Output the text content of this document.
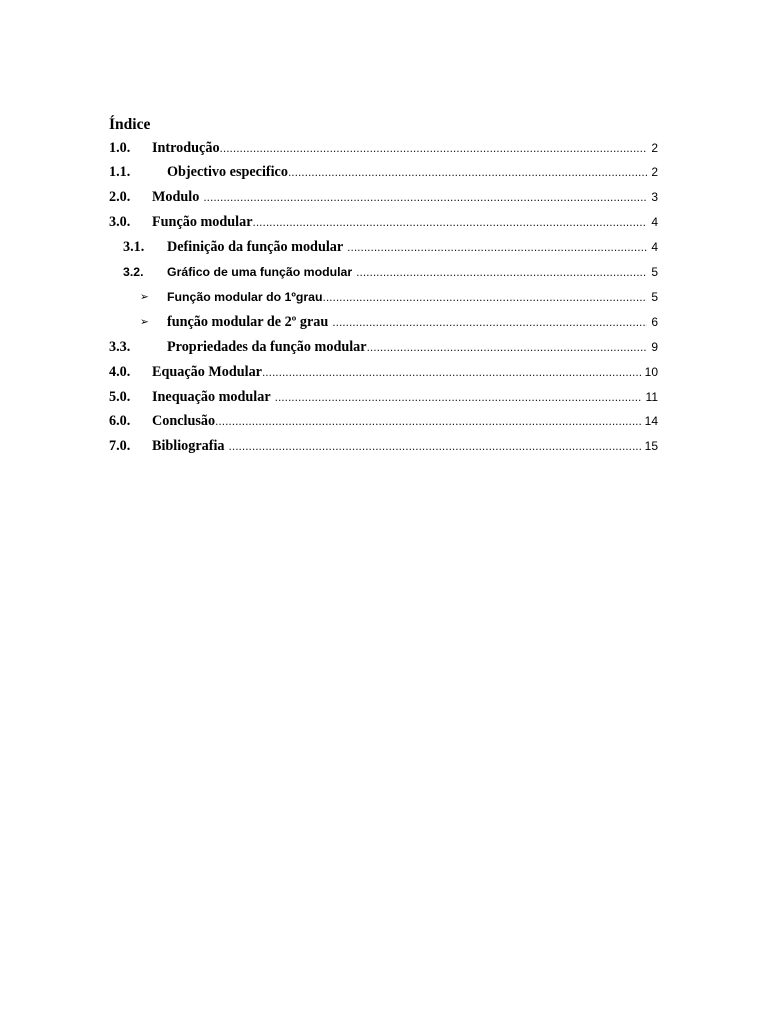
Índice
1.0.	Introdução .....	2
1.1.	Objectivo especifico .....	2
2.0.	Modulo .....	3
3.0.	Função modular .....	4
3.1.	Definição da função modular .....	4
3.2.	Gráfico de uma função modular .....	5
➢	Função modular do 1ºgrau .....	5
➢	função modular de 2º grau .....	6
3.3.	Propriedades da função modular .....	9
4.0.	Equação Modular .....	10
5.0.	Inequação modular .....	11
6.0.	Conclusão .....	14
7.0.	Bibliografia .....	15
